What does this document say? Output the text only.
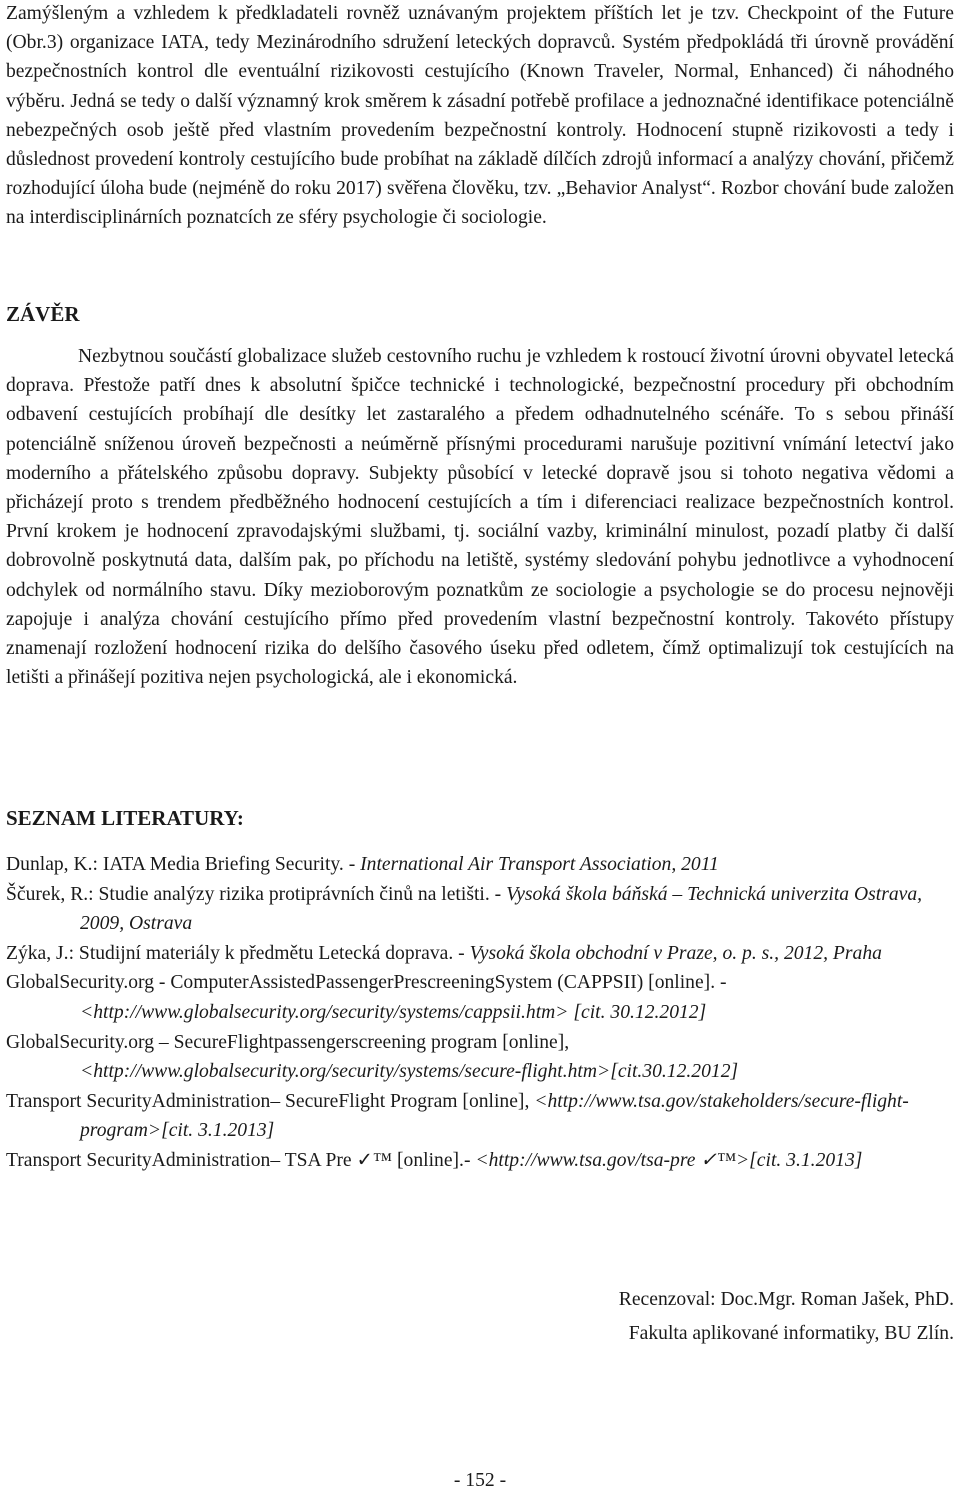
Zamýšleným a vzhledem k předkladateli rovněž uznávaným projektem příštích let je tzv. Checkpoint of the Future (Obr.3) organizace IATA, tedy Mezinárodního sdružení leteckých dopravců. Systém předpokládá tři úrovně provádění bezpečnostních kontrol dle eventuální rizikovosti cestujícího (Known Traveler, Normal, Enhanced) či náhodného výběru. Jedná se tedy o další významný krok směrem k zásadní potřebě profilace a jednoznačné identifikace potenciálně nebezpečných osob ještě před vlastním provedením bezpečnostní kontroly. Hodnocení stupně rizikovosti a tedy i důslednost provedení kontroly cestujícího bude probíhat na základě dílčích zdrojů informací a analýzy chování, přičemž rozhodující úloha bude (nejméně do roku 2017) svěřena člověku, tzv. „Behavior Analyst“. Rozbor chování bude založen na interdisciplinárních poznatcích ze sféry psychologie či sociologie.

ZÁVĚR

Nezbytnou součástí globalizace služeb cestovního ruchu je vzhledem k rostoucí životní úrovni obyvatel letecká doprava. Přestože patří dnes k absolutní špičce technické i technologické, bezpečnostní procedury při obchodním odbavení cestujících probíhají dle desítky let zastaralého a předem odhadnutelného scénáře. To s sebou přináší potenciálně sníženou úroveň bezpečnosti a neúměrně přísnými procedurami narušuje pozitivní vnímání letectví jako moderního a přátelského způsobu dopravy. Subjekty působící v letecké dopravě jsou si tohoto negativa vědomi a přicházejí proto s trendem předběžného hodnocení cestujících a tím i diferenciaci realizace bezpečnostních kontrol. První krokem je hodnocení zpravodajskými službami, tj. sociální vazby, kriminální minulost, pozadí platby či další dobrovolně poskytnutá data, dalším pak, po příchodu na letiště, systémy sledování pohybu jednotlivce a vyhodnocení odchylek od normálního stavu. Díky mezioborovým poznatkům ze sociologie a psychologie se do procesu nejnověji zapojuje i analýza chování cestujícího přímo před provedením vlastní bezpečnostní kontroly. Takovéto přístupy znamenají rozložení hodnocení rizika do delšího časového úseku před odletem, čímž optimalizují tok cestujících na letišti a přinášejí pozitiva nejen psychologická, ale i ekonomická.

SEZNAM LITERATURY:
Dunlap, K.: IATA Media Briefing Security. - International Air Transport Association, 2011
Ščurek, R.: Studie analýzy rizika protiprávních činů na letišti. - Vysoká škola báňská – Technická univerzita Ostrava, 2009, Ostrava
Zýka, J.: Studijní materiály k předmětu Letecká doprava. - Vysoká škola obchodní v Praze, o. p. s., 2012, Praha
GlobalSecurity.org - ComputerAssistedPassengerPrescreeningSystem (CAPPSII) [online]. - <http://www.globalsecurity.org/security/systems/cappsii.htm> [cit. 30.12.2012]
GlobalSecurity.org – SecureFlightpassengerscreening program [online], <http://www.globalsecurity.org/security/systems/secure-flight.htm>[cit.30.12.2012]
Transport SecurityAdministration– SecureFlight Program [online], <http://www.tsa.gov/stakeholders/secure-flight-program>[cit. 3.1.2013]
Transport SecurityAdministration– TSA Pre ✓™ [online].- <http://www.tsa.gov/tsa-pre ✓™>[cit. 3.1.2013]
Recenzoval: Doc.Mgr. Roman Jašek, PhD.
Fakulta aplikované informatiky, BU Zlín.

- 152 -
